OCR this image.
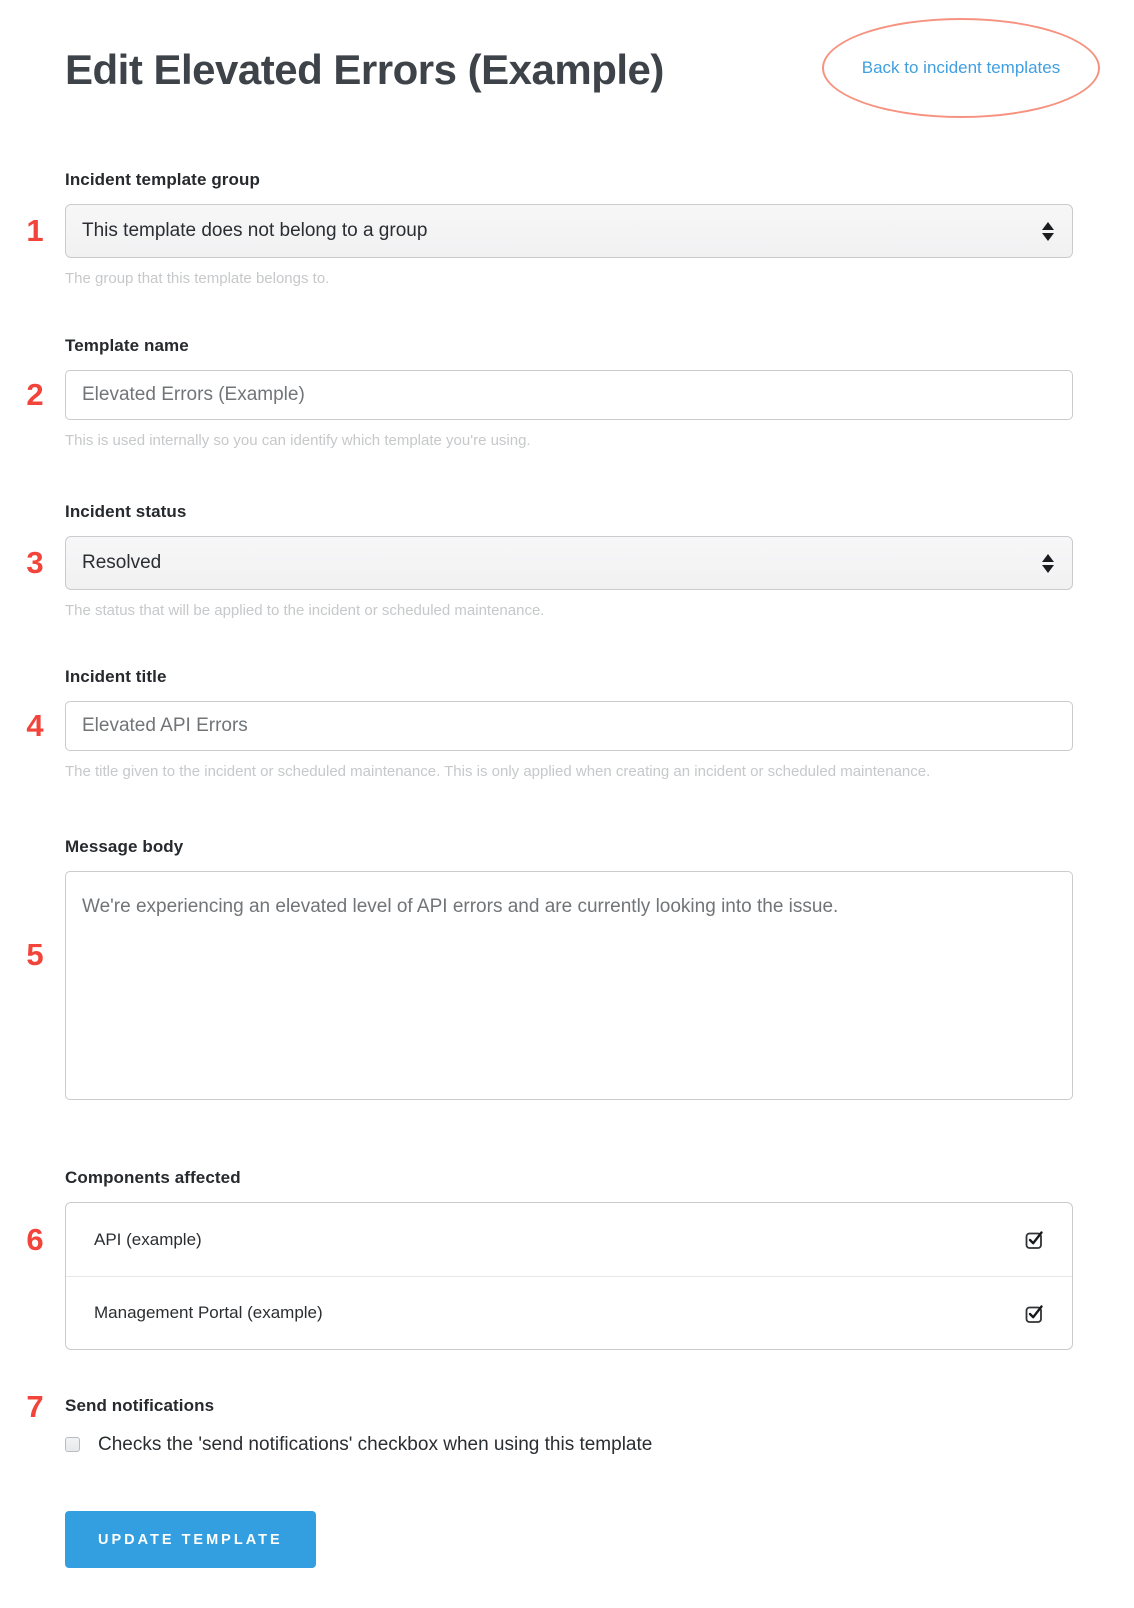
1
2
3
4
5
6
7
Edit Elevated Errors (Example)	Back to incident templates
Incident template group
This template does not belong to a group
The group that this template belongs to.
Template name
Elevated Errors (Example)
This is used internally so you can identify which template you're using.
Incident status
Resolved
The status that will be applied to the incident or scheduled maintenance.
Incident title
Elevated API Errors
The title given to the incident or scheduled maintenance. This is only applied when creating an incident or scheduled maintenance.
Message body
We're experiencing an elevated level of API errors and are currently looking into the issue.
Components affected
API (example)
Management Portal (example)
Send notifications
Checks the 'send notifications' checkbox when using this template
UPDATE TEMPLATE
